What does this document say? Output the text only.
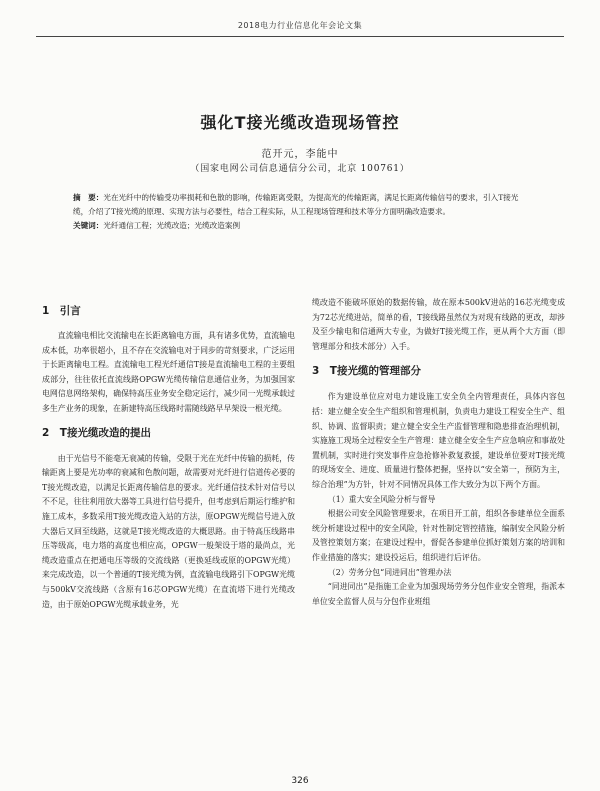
2018电力行业信息化年会论文集
强化T接光缆改造现场管控
范开元，李能中
（国家电网公司信息通信分公司，北京 100761）

摘　要：光在光纤中的传输受功率损耗和色散的影响，传输距离受限，为提高光的传输距离，满足长距离传输信号的要求，引入T接光缆，介绍了T接光缆的原理、实现方法与必要性，结合工程实际，从工程现场管理和技术等分方面明确改造要求。

关键词：光纤通信工程；光缆改造；光缆改造案例

1　引言

直流输电相比交流输电在长距离输电方面，具有诸多优势，直流输电成本低，功率很超小，且不存在交流输电对于同步的苛刻要求，广泛运用于长距离输电工程。直流输电工程光纤通信T接是直流输电工程的主要组成部分，往往依托直流线路OPGW光缆传输信息通信业务，为加强国家电网信息网络架构，确保特高压业务安全稳定运行，减少同一光缆承载过多生产业务的现象，在新建特高压线路时需随线路早早架设一根光缆。

2　T接光缆改造的提出

由于光信号不能毫无衰减的传输，受限于光在光纤中传输的损耗，传输距离上要是光功率的衰减和色散问题，故需要对光纤进行信道传必要的T接光缆改造，以满足长距离传输信息的要求。光纤通信技术针对信号以不不足，往往利用放大器等工具进行信号提升，但考虑到后期运行维护和施工成本，多数采用T接光缆改造入站的方法，原OPGW光缆信号进入放大器后又回至线路，这就是T接光缆改造的大概思路。由于特高压线路串压等级高，电力塔的高度也相应高，OPGW一般架设于塔的最尚点，光缆改造重点在把通电压等级的交流线路（更换延线或原的OPGW光缆）来完成改造，以一个普通的T接光缆为例，直流输电线路引下OPGW光缆与500kV交流线路（含原有16芯OPGW光缆）在直流塔下进行光缆改造，由于原始OPGW光缆承载业务，光

缆改造不能破坏原始的数据传输，故在原本500kV进站的16芯光缆变成为72芯光缆进站，简单的看，T接线路虽然仅为对现有线路的更改，却涉及至少输电和信通两大专业，为做好T接光缆工作，更从两个大方面（即管理部分和技术部分）入手。

3　T接光缆的管理部分

作为建设单位应对电力建设施工安全负全内管理责任，具体内容包括：建立健全安全生产组织和管理机制，负责电力建设工程安全生产、组织、协调、监督职责；建立健全安全生产监督管理和隐患排查治理机制，实施施工现场全过程安全生产管理：建立健全安全生产应急响应和事故处置机制，实时进行突发事件应急抢修补救复救援，建设单位要对T接光缆的现场安全、进度、质量进行整体把握，坚持以“安全第一，预防为主，综合治理”为方针，针对不同情况具体工作大致分为以下两个方面。

（1）重大安全风险分析与督导

根据公司安全风险管理要求，在项目开工前，组织各参建单位全面系统分析建设过程中的安全风险，针对性制定管控措施，编制安全风险分析及管控策划方案；在建设过程中，督促各参建单位抓好策划方案的培训和作业措施的落实；建设投运后，组织进行后评估。

（2）劳务分包“同进同出”管理办法

“同进同出”是指施工企业为加强现场劳务分包作业安全管理，指派本单位安全监督人员与分包作业班组

326
